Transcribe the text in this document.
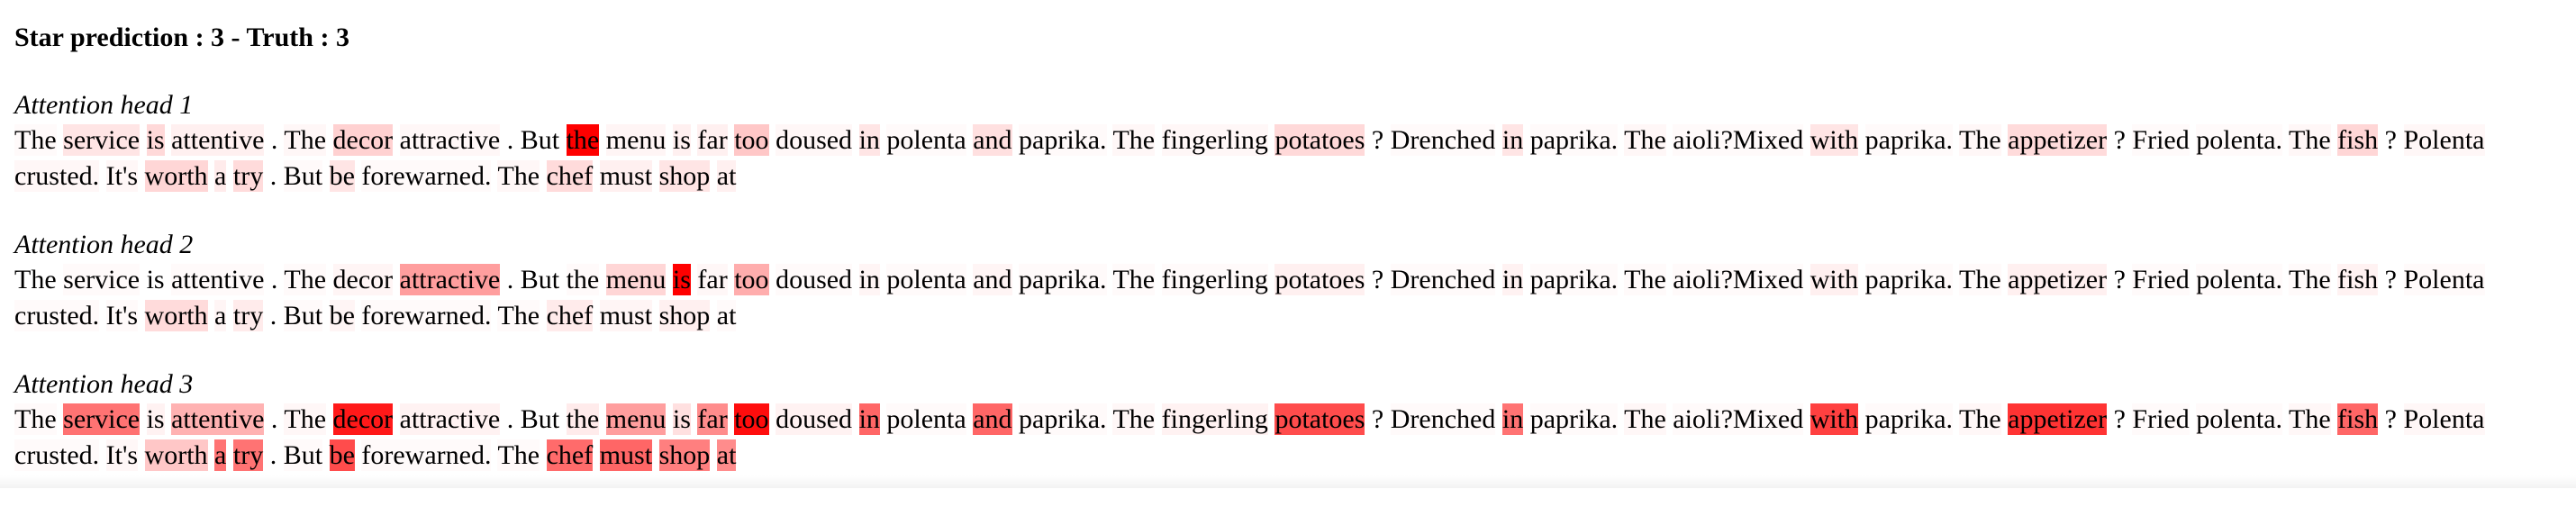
Star prediction : 3 - Truth : 3
Attention head 1
The service is attentive . The decor attractive . But the menu is far too doused in polenta and paprika. The fingerling potatoes ? Drenched in paprika. The aioli?Mixed with paprika. The appetizer ? Fried polenta. The fish ? Polenta crusted. It's worth a try . But be forewarned. The chef must shop at
Attention head 2
The service is attentive . The decor attractive . But the menu is far too doused in polenta and paprika. The fingerling potatoes ? Drenched in paprika. The aioli?Mixed with paprika. The appetizer ? Fried polenta. The fish ? Polenta crusted. It's worth a try . But be forewarned. The chef must shop at
Attention head 3
The service is attentive . The decor attractive . But the menu is far too doused in polenta and paprika. The fingerling potatoes ? Drenched in paprika. The aioli?Mixed with paprika. The appetizer ? Fried polenta. The fish ? Polenta crusted. It's worth a try . But be forewarned. The chef must shop at
